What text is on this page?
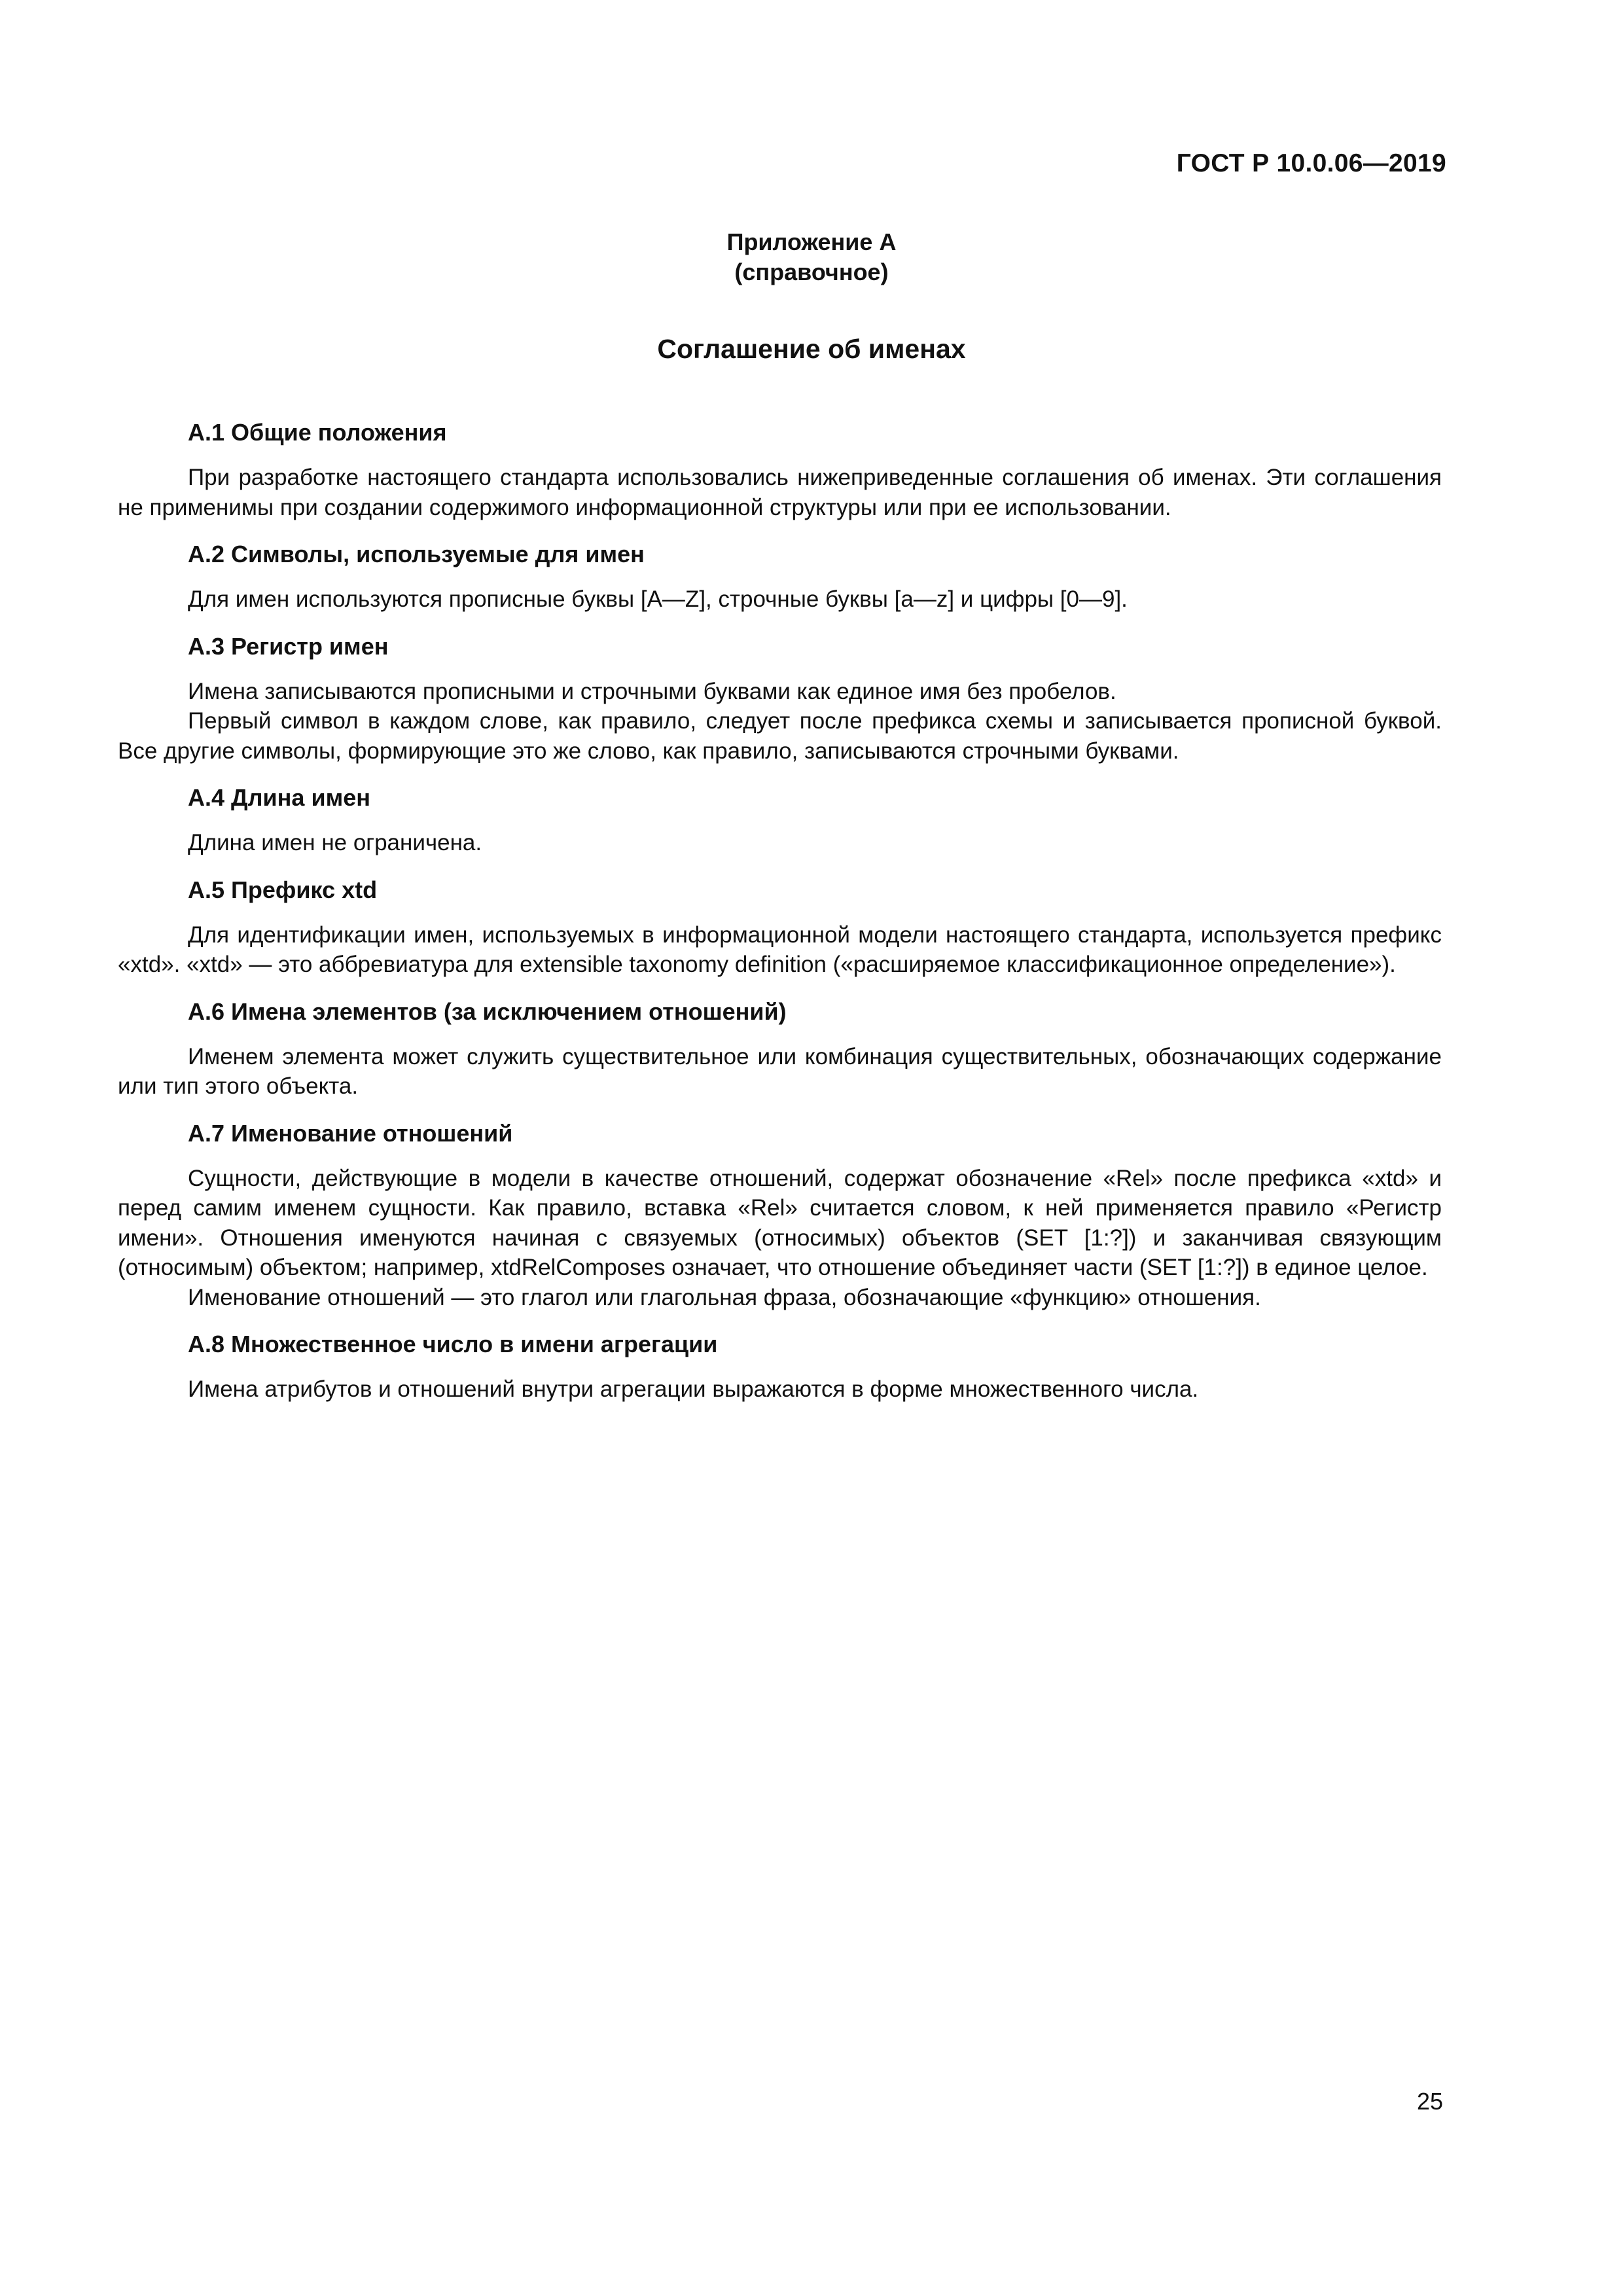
ГОСТ Р 10.0.06—2019
Приложение А
(справочное)
Соглашение об именах

А.1 Общие положения

При разработке настоящего стандарта использовались нижеприведенные соглашения об именах. Эти соглашения не применимы при создании содержимого информационной структуры или при ее использовании.

А.2 Символы, используемые для имен

Для имен используются прописные буквы [A—Z], строчные буквы [a—z] и цифры [0—9].

А.3 Регистр имен

Имена записываются прописными и строчными буквами как единое имя без пробелов.

Первый символ в каждом слове, как правило, следует после префикса схемы и записывается прописной буквой. Все другие символы, формирующие это же слово, как правило, записываются строчными буквами.

А.4 Длина имен

Длина имен не ограничена.

А.5 Префикс xtd

Для идентификации имен, используемых в информационной модели настоящего стандарта, используется префикс «xtd». «xtd» — это аббревиатура для extensible taxonomy definition («расширяемое классификационное определение»).

А.6 Имена элементов (за исключением отношений)

Именем элемента может служить существительное или комбинация существительных, обозначающих содержание или тип этого объекта.

А.7 Именование отношений

Сущности, действующие в модели в качестве отношений, содержат обозначение «Rel» после префикса «xtd» и перед самим именем сущности. Как правило, вставка «Rel» считается словом, к ней применяется правило «Регистр имени». Отношения именуются начиная с связуемых (относимых) объектов (SET [1:?]) и заканчивая связующим (относимым) объектом; например, xtdRelComposes означает, что отношение объединяет части (SET [1:?]) в единое целое.

Именование отношений — это глагол или глагольная фраза, обозначающие «функцию» отношения.

А.8 Множественное число в имени агрегации

Имена атрибутов и отношений внутри агрегации выражаются в форме множественного числа.

25
